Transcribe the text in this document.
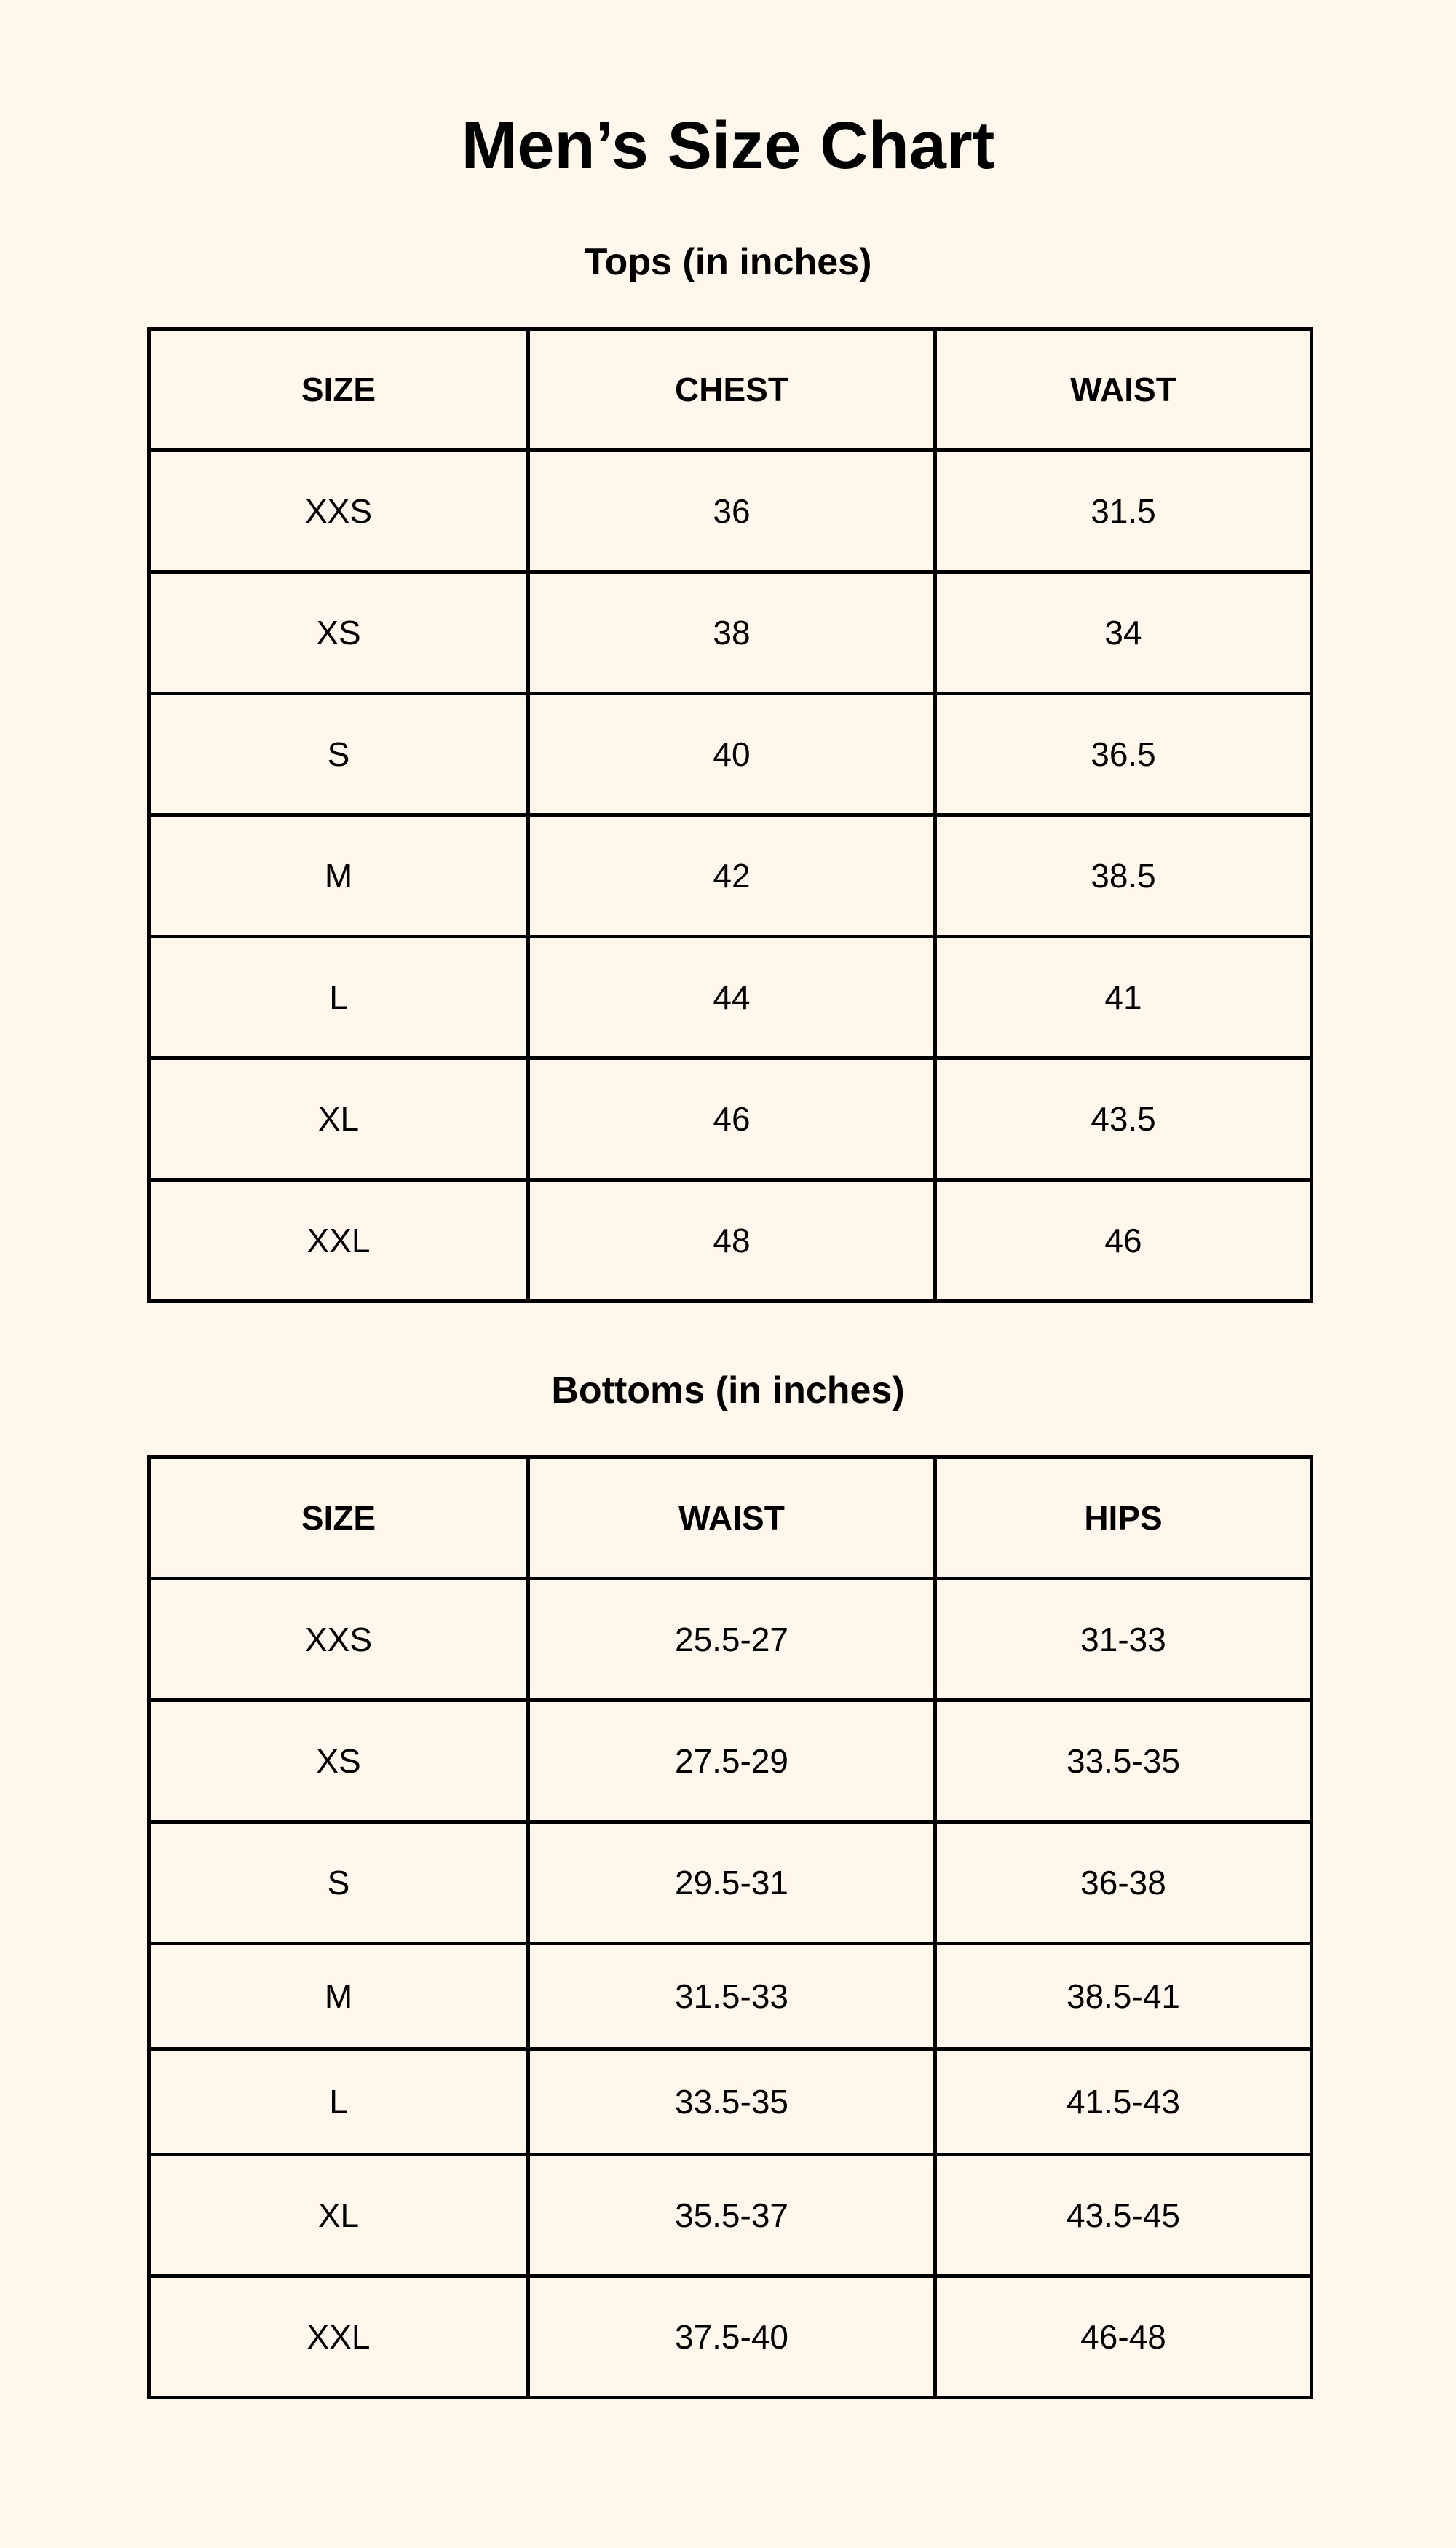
Men’s Size Chart
Tops (in inches)
SIZE	CHEST	WAIST
XXS	36	31.5
XS	38	34
S	40	36.5
M	42	38.5
L	44	41
XL	46	43.5
XXL	48	46
Bottoms (in inches)
SIZE	WAIST	HIPS
XXS	25.5-27	31-33
XS	27.5-29	33.5-35
S	29.5-31	36-38
M	31.5-33	38.5-41
L	33.5-35	41.5-43
XL	35.5-37	43.5-45
XXL	37.5-40	46-48
